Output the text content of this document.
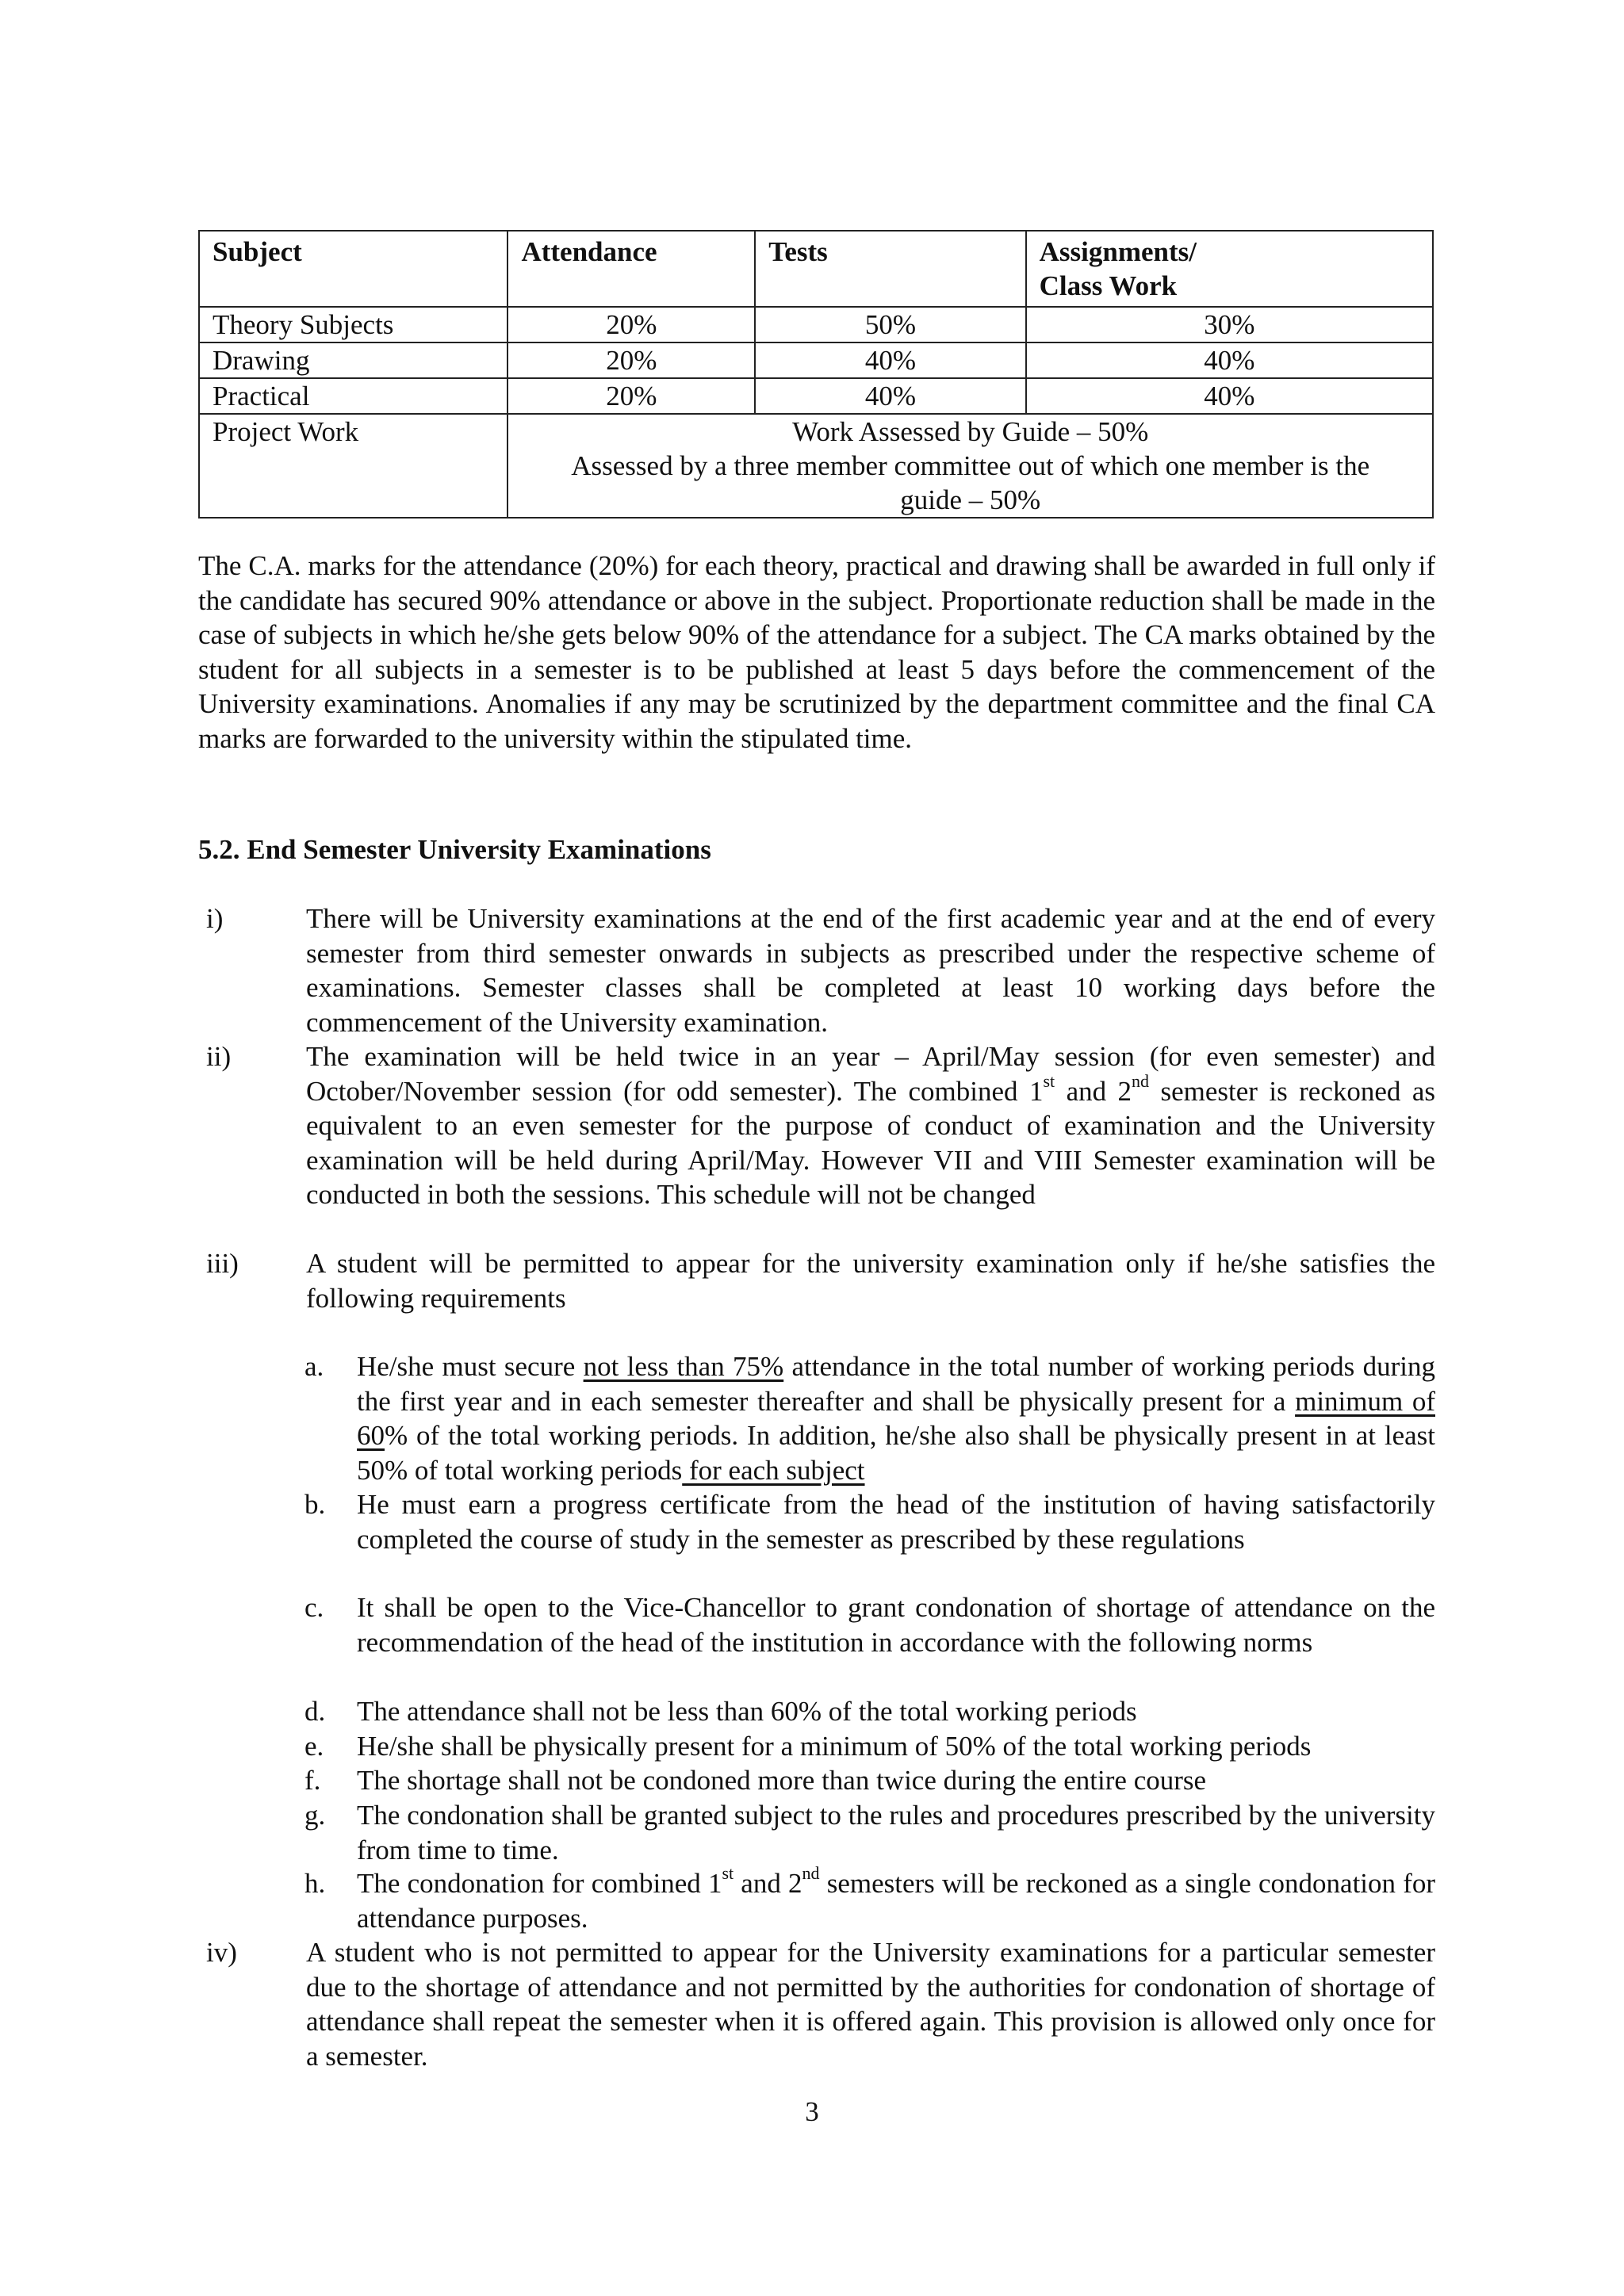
Subject	Attendance	Tests	Assignments/
Class Work

Theory Subjects	20%	50%	30%
Drawing	20%	40%	40%
Practical	20%	40%	40%
Project Work	Work Assessed by Guide – 50%
Assessed by a three member committee out of which one member is the
guide – 50%		
The C.A. marks for the attendance (20%) for each theory, practical and drawing shall be awarded in full only if the candidate has secured 90% attendance or above in the subject. Proportionate reduction shall be made in the case of subjects in which he/she gets below 90% of the attendance for a subject. The CA marks obtained by the student for all subjects in a semester is to be published at least 5 days before the commencement of the University examinations. Anomalies if any may be scrutinized by the department committee and the final CA marks are forwarded to the university within the stipulated time.
5.2. End Semester University Examinations
i)	There will be University examinations at the end of the first academic year and at the end of every semester from third semester onwards in subjects as prescribed under the respective scheme of examinations. Semester classes shall be completed at least 10 working days before the commencement of the University examination.
ii)	The examination will be held twice in an year – April/May session (for even semester) and October/November session (for odd semester). The combined 1st and 2nd semester is reckoned as equivalent to an even semester for the purpose of conduct of examination and the University examination will be held during April/May. However VII and VIII Semester examination will be conducted in both the sessions. This schedule will not be changed
iii)	A student will be permitted to appear for the university examination only if he/she satisfies the following requirements
a.	He/she must secure not less than 75% attendance in the total number of working periods during the first year and in each semester thereafter and shall be physically present for a minimum of 60% of the total working periods. In addition, he/she also shall be physically present in at least 50% of total working periods for each subject
b.	He must earn a progress certificate from the head of the institution of having satisfactorily completed the course of study in the semester as prescribed by these regulations
c.	It shall be open to the Vice-Chancellor to grant condonation of shortage of attendance on the recommendation of the head of the institution in accordance with the following norms
d.	The attendance shall not be less than 60% of the total working periods
e.	He/she shall be physically present for a minimum of 50% of the total working periods
f.	The shortage shall not be condoned more than twice during the entire course
g.	The condonation shall be granted subject to the rules and procedures prescribed by the university from time to time.
h.	The condonation for combined 1st and 2nd semesters will be reckoned as a single condonation for attendance purposes.
iv)	A student who is not permitted to appear for the University examinations for a particular semester due to the shortage of attendance and not permitted by the authorities for condonation of shortage of attendance shall repeat the semester when it is offered again. This provision is allowed only once for a semester.
3
